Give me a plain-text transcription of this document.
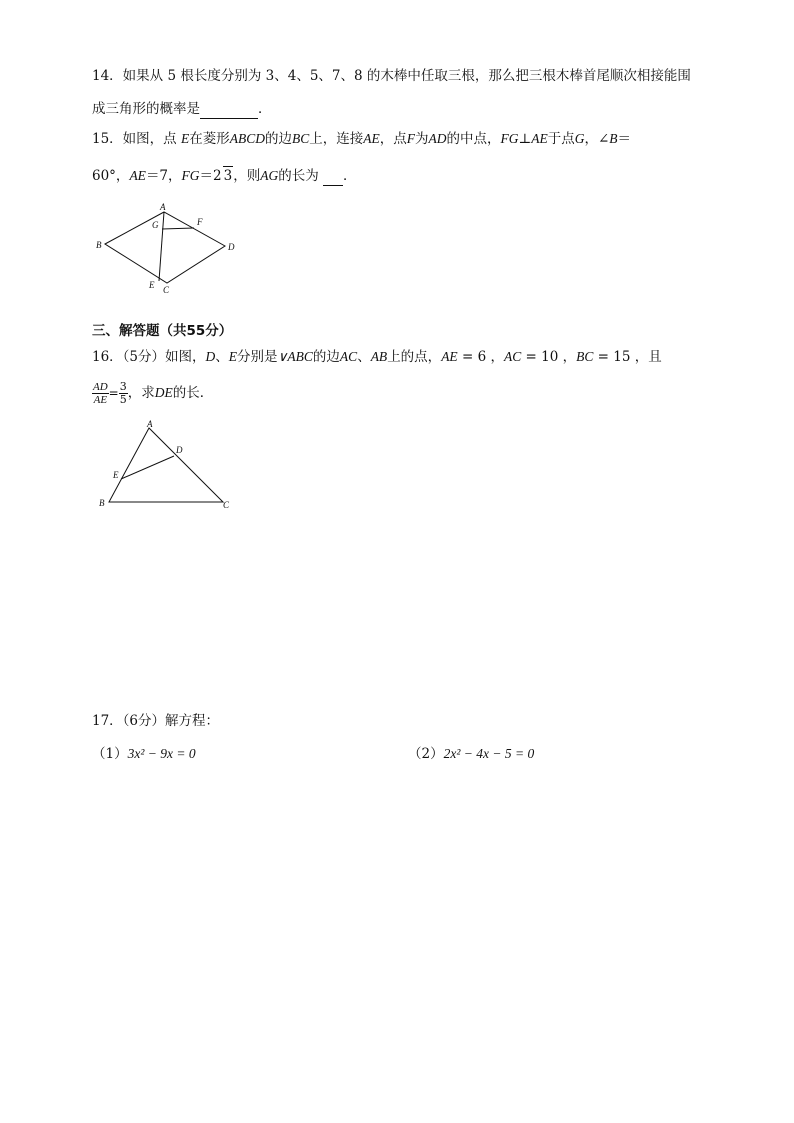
14．如果从 5 根长度分别为 3、4、5、7、8 的木棒中任取三根，那么把三根木棒首尾顺次相接能围
成三角形的概率是	．
15．如图，点 E在菱形ABCD的边BC上，连接AE，点F为AD的中点，FG⊥AE于点G，∠B＝
60°，AE＝7，FG＝2 3，则AG的长为 ．
A
B
C
D
E
F
G
三、解答题（共55分）
16．（5分）如图，D、E分别是∨ABC的边AC、AB上的点，AE = 6 ，AC = 10 ，BC = 15 ，且
$\frac{AD}{AE} = \frac{3}{5}$ ，求DE的长．
A
B	C
D
E
17．（6分）解方程：
（1）3x² − 9x = 0	（2）2x² − 4x − 5 = 0
